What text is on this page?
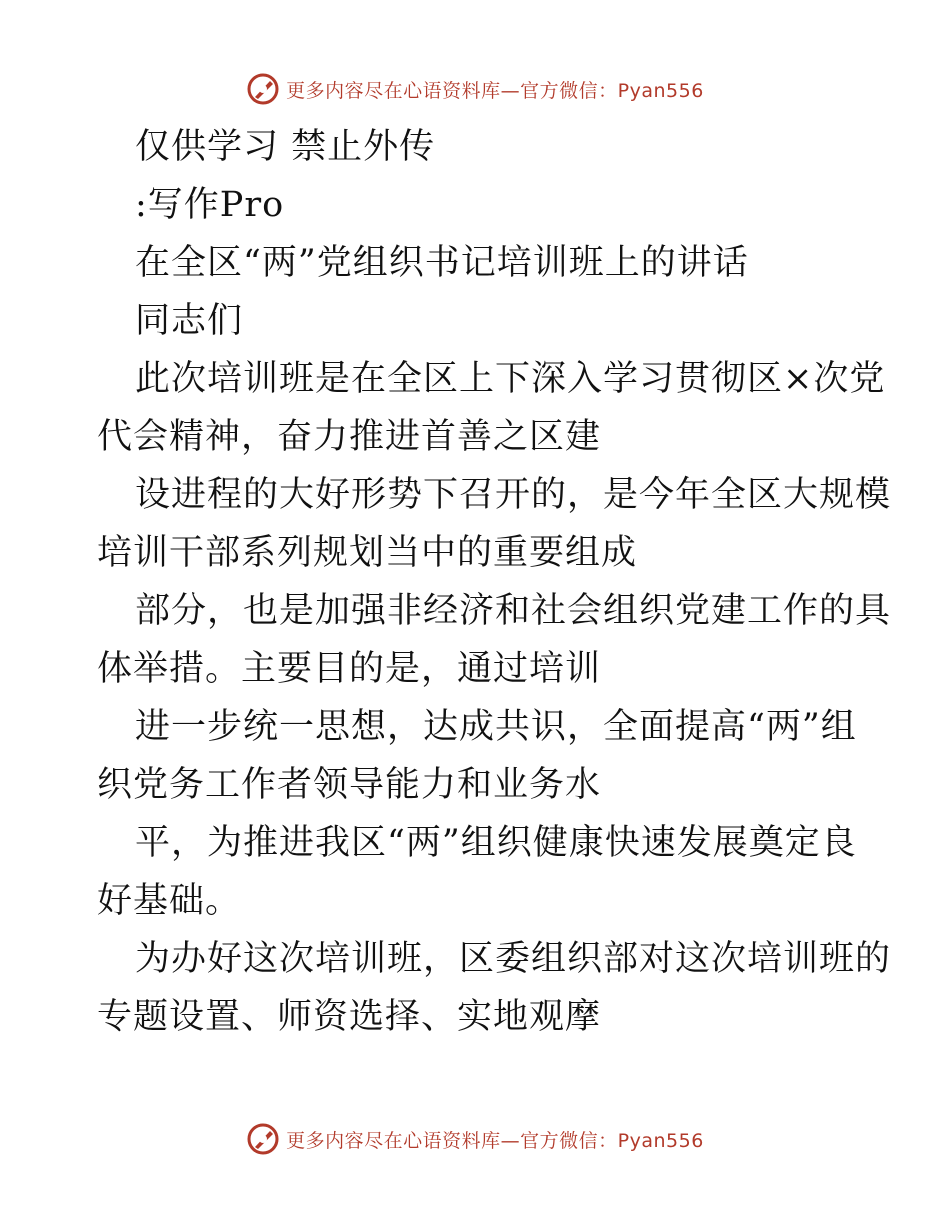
更多内容尽在心语资料库—官方微信：Pyan556
仅供学习 禁止外传
:写作Pro
在全区“两”党组织书记培训班上的讲话
同志们
此次培训班是在全区上下深入学习贯彻区×次党
代会精神，奋力推进首善之区建
设进程的大好形势下召开的，是今年全区大规模
培训干部系列规划当中的重要组成
部分，也是加强非经济和社会组织党建工作的具
体举措。主要目的是，通过培训
进一步统一思想，达成共识，全面提高“两”组
织党务工作者领导能力和业务水
平，为推进我区“两”组织健康快速发展奠定良
好基础。
为办好这次培训班，区委组织部对这次培训班的
专题设置、师资选择、实地观摩
更多内容尽在心语资料库—官方微信：Pyan556
